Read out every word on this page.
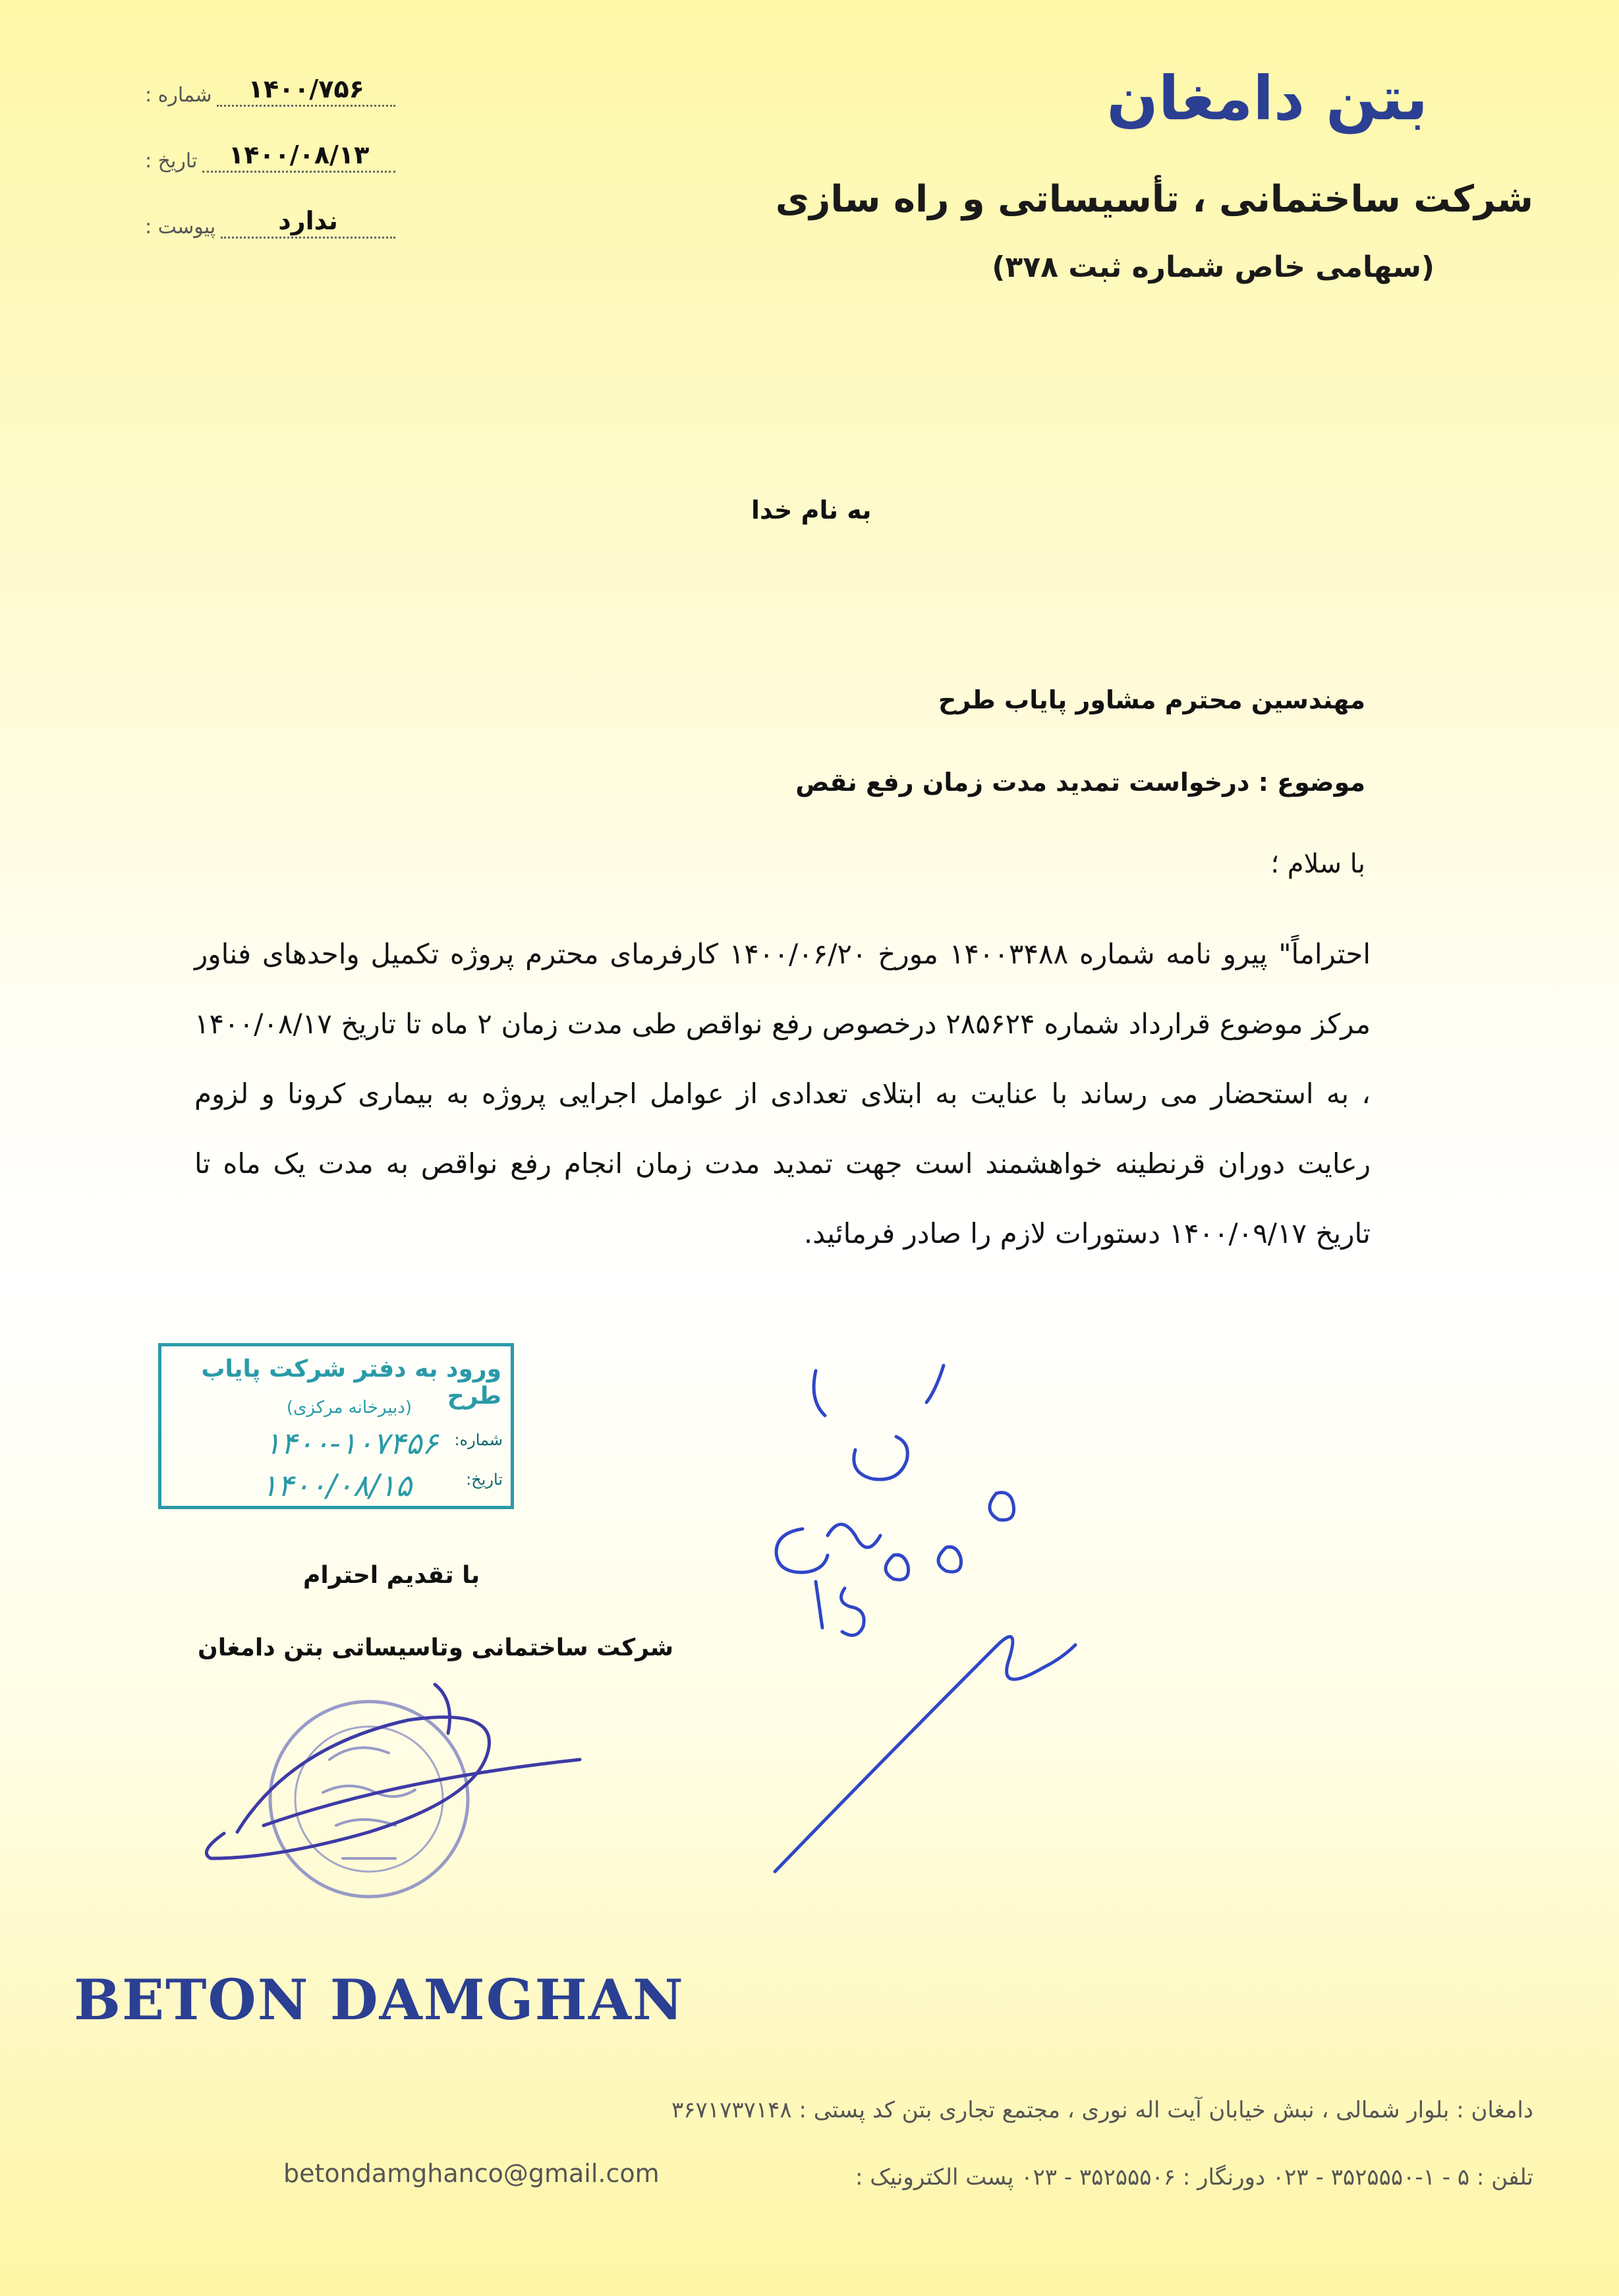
بتن دامغان
شرکت ساختمانی ، تأسیساتی و راه سازی
(سهامی خاص شماره ثبت ۳۷۸)
شماره :	۱۴۰۰/۷۵۶
تاریخ :	۱۴۰۰/۰۸/۱۳
پیوست :	ندارد
به نام خدا
مهندسین محترم مشاور پایاب طرح
موضوع : درخواست تمدید مدت زمان رفع نقص
با سلام ؛
احتراماً" پیرو نامه شماره ۱۴۰۰۳۴۸۸ مورخ ۱۴۰۰/۰۶/۲۰ کارفرمای محترم پروژه تکمیل واحدهای فناور مرکز موضوع قرارداد شماره ۲۸۵۶۲۴ درخصوص رفع نواقص طی مدت زمان ۲ ماه تا تاریخ ۱۴۰۰/۰۸/۱۷ ، به استحضار می رساند با عنایت به ابتلای تعدادی از عوامل اجرایی پروژه به بیماری کرونا و لزوم رعایت دوران قرنطینه خواهشمند است جهت تمدید مدت زمان انجام رفع نواقص به مدت یک ماه تا تاریخ ۱۴۰۰/۰۹/۱۷ دستورات لازم را صادر فرمائید.
ورود به دفتر شرکت پایاب طرح
(دبیرخانه مرکزی)
شماره:
۱۴۰۰-۱۰۷۴۵۶
تاریخ:
۱۴۰۰/۰۸/۱۵
با تقدیم احترام
شرکت ساختمانی وتاسیساتی بتن دامغان
BETON DAMGHAN
دامغان : بلوار شمالی ، نبش خیابان آیت اله نوری ، مجتمع تجاری بتن کد پستی : ۳۶۷۱۷۳۷۱۴۸
تلفن : ۵ - ۱-۳۵۲۵۵۵۰ - ۰۲۳ دورنگار : ۳۵۲۵۵۵۰۶ - ۰۲۳ پست الکترونیک :
betondamghanco@gmail.com
